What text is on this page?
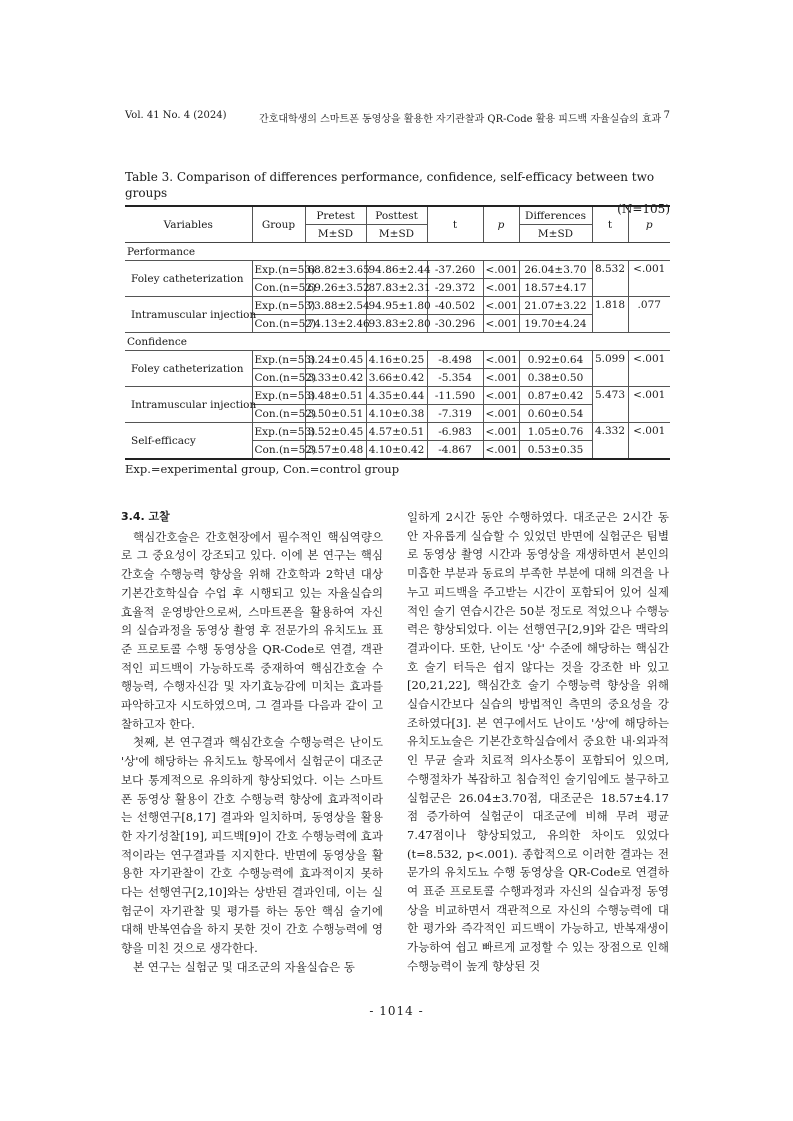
Vol. 41 No. 4 (2024)	간호대학생의 스마트폰 동영상을 활용한 자기관찰과 QR-Code 활용 피드백 자율실습의 효과 7
Table 3. Comparison of differences performance, confidence, self-efficacy between two groups
(N=105)
Variables	Group	Pretest	Posttest	t	p	Differences	t	p
		M±SD	M±SD			M±SD		
Performance								
Foley catheterization	Exp.(n=53)	68.82±3.65	94.86±2.44	-37.260	<.001	26.04±3.70	8.532	<.001
	Con.(n=52)	69.26±3.52	87.83±2.31	-29.372	<.001	18.57±4.17		
Intramuscular injection	Exp.(n=53)	73.88±2.54	94.95±1.80	-40.502	<.001	21.07±3.22	1.818	.077
	Con.(n=52)	74.13±2.46	93.83±2.80	-30.296	<.001	19.70±4.24		
Confidence								
Foley catheterization	Exp.(n=53)	3.24±0.45	4.16±0.25	-8.498	<.001	0.92±0.64	5.099	<.001
	Con.(n=52)	3.33±0.42	3.66±0.42	-5.354	<.001	0.38±0.50		
Intramuscular injection	Exp.(n=53)	3.48±0.51	4.35±0.44	-11.590	<.001	0.87±0.42	5.473	<.001
	Con.(n=52)	3.50±0.51	4.10±0.38	-7.319	<.001	0.60±0.54		
Self-efficacy	Exp.(n=53)	3.52±0.45	4.57±0.51	-6.983	<.001	1.05±0.76	4.332	<.001
	Con.(n=52)	3.57±0.48	4.10±0.42	-4.867	<.001	0.53±0.35		
Exp.=experimental group, Con.=control group

3.4. 고찰

핵심간호술은 간호현장에서 필수적인 핵심역량으로 그 중요성이 강조되고 있다. 이에 본 연구는 핵심간호술 수행능력 향상을 위해 간호학과 2학년 대상 기본간호학실습 수업 후 시행되고 있는 자율실습의 효율적 운영방안으로써, 스마트폰을 활용하여 자신의 실습과정을 동영상 촬영 후 전문가의 유치도뇨 표준 프로토콜 수행 동영상을 QR-Code로 연결, 객관적인 피드백이 가능하도록 중재하여 핵심간호술 수행능력, 수행자신감 및 자기효능감에 미치는 효과를 파악하고자 시도하였으며, 그 결과를 다음과 같이 고찰하고자 한다.

첫째, 본 연구결과 핵심간호술 수행능력은 난이도 '상'에 해당하는 유치도뇨 항목에서 실험군이 대조군보다 통계적으로 유의하게 향상되었다. 이는 스마트폰 동영상 활용이 간호 수행능력 향상에 효과적이라는 선행연구[8,17] 결과와 일치하며, 동영상을 활용한 자기성찰[19], 피드백[9]이 간호 수행능력에 효과적이라는 연구결과를 지지한다. 반면에 동영상을 활용한 자기관찰이 간호 수행능력에 효과적이지 못하다는 선행연구[2,10]와는 상반된 결과인데, 이는 실험군이 자기관찰 및 평가를 하는 동안 핵심 술기에 대해 반복연습을 하지 못한 것이 간호 수행능력에 영향을 미친 것으로 생각한다.

본 연구는 실험군 및 대조군의 자율실습은 동

일하게 2시간 동안 수행하였다. 대조군은 2시간 동안 자유롭게 실습할 수 있었던 반면에 실험군은 팀별로 동영상 촬영 시간과 동영상을 재생하면서 본인의 미흡한 부분과 동료의 부족한 부분에 대해 의견을 나누고 피드백을 주고받는 시간이 포함되어 있어 실제적인 술기 연습시간은 50분 정도로 적었으나 수행능력은 향상되었다. 이는 선행연구[2,9]와 같은 맥락의 결과이다. 또한, 난이도 '상' 수준에 해당하는 핵심간호 술기 터득은 쉽지 않다는 것을 강조한 바 있고[20,21,22], 핵심간호 술기 수행능력 향상을 위해 실습시간보다 실습의 방법적인 측면의 중요성을 강조하였다[3]. 본 연구에서도 난이도 '상'에 해당하는 유치도뇨술은 기본간호학실습에서 중요한 내·외과적인 무균 술과 치료적 의사소통이 포함되어 있으며, 수행절차가 복잡하고 침습적인 술기임에도 불구하고 실험군은 26.04±3.70점, 대조군은 18.57±4.17점 증가하여 실험군이 대조군에 비해 무려 평균 7.47점이나 향상되었고, 유의한 차이도 있었다(t=8.532, p<.001). 종합적으로 이러한 결과는 전문가의 유치도뇨 수행 동영상을 QR-Code로 연결하여 표준 프로토콜 수행과정과 자신의 실습과정 동영상을 비교하면서 객관적으로 자신의 수행능력에 대한 평가와 즉각적인 피드백이 가능하고, 반복재생이 가능하여 쉽고 빠르게 교정할 수 있는 장점으로 인해 수행능력이 높게 향상된 것

- 1014 -
